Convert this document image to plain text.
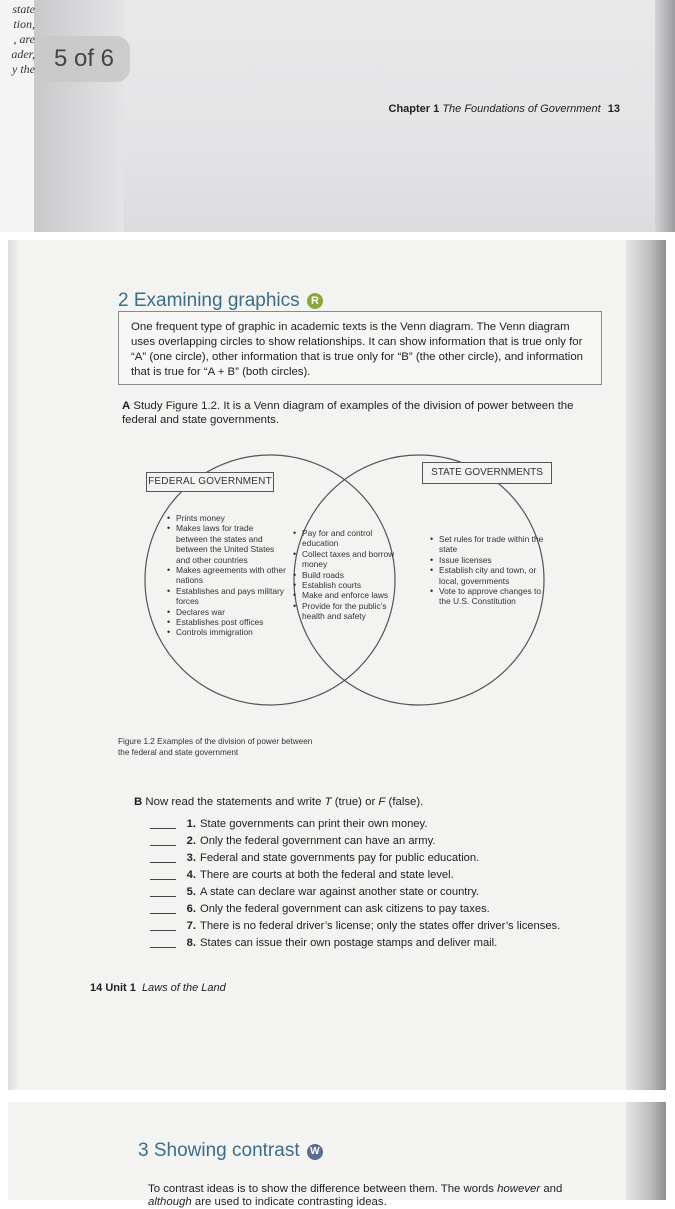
state
tion,
, are
ader,
y the 5 of 6
Chapter 1 The Foundations of Government 13
2 Examining graphics R
One frequent type of graphic in academic texts is the Venn diagram. The Venn diagram uses overlapping circles to show relationships. It can show information that is true only for “A” (one circle), other information that is true only for “B” (the other circle), and information that is true for “A + B” (both circles).
A Study Figure 1.2. It is a Venn diagram of examples of the division of power between the federal and state governments.
FEDERAL GOVERNMENT
STATE GOVERNMENTS
• Prints money
• Makes laws for trade between the states and between the United States and other countries
• Makes agreements with other nations
• Establishes and pays military forces
• Declares war
• Establishes post offices
• Controls immigration
• Pay for and control education
• Collect taxes and borrow money
• Build roads
• Establish courts
• Make and enforce laws
• Provide for the public’s health and safety
• Set rules for trade within the state
• Issue licenses
• Establish city and town, or local, governments
• Vote to approve changes to the U.S. Constitution
Figure 1.2 Examples of the division of power between the federal and state government
B Now read the statements and write T (true) or F (false).
1. State governments can print their own money.
2. Only the federal government can have an army.
3. Federal and state governments pay for public education.
4. There are courts at both the federal and state level.
5. A state can declare war against another state or country.
6. Only the federal government can ask citizens to pay taxes.
7. There is no federal driver’s license; only the states offer driver’s licenses.
8. States can issue their own postage stamps and deliver mail.
14 Unit 1 Laws of the Land
3 Showing contrast W
To contrast ideas is to show the difference between them. The words however and
although are used to indicate contrasting ideas.
